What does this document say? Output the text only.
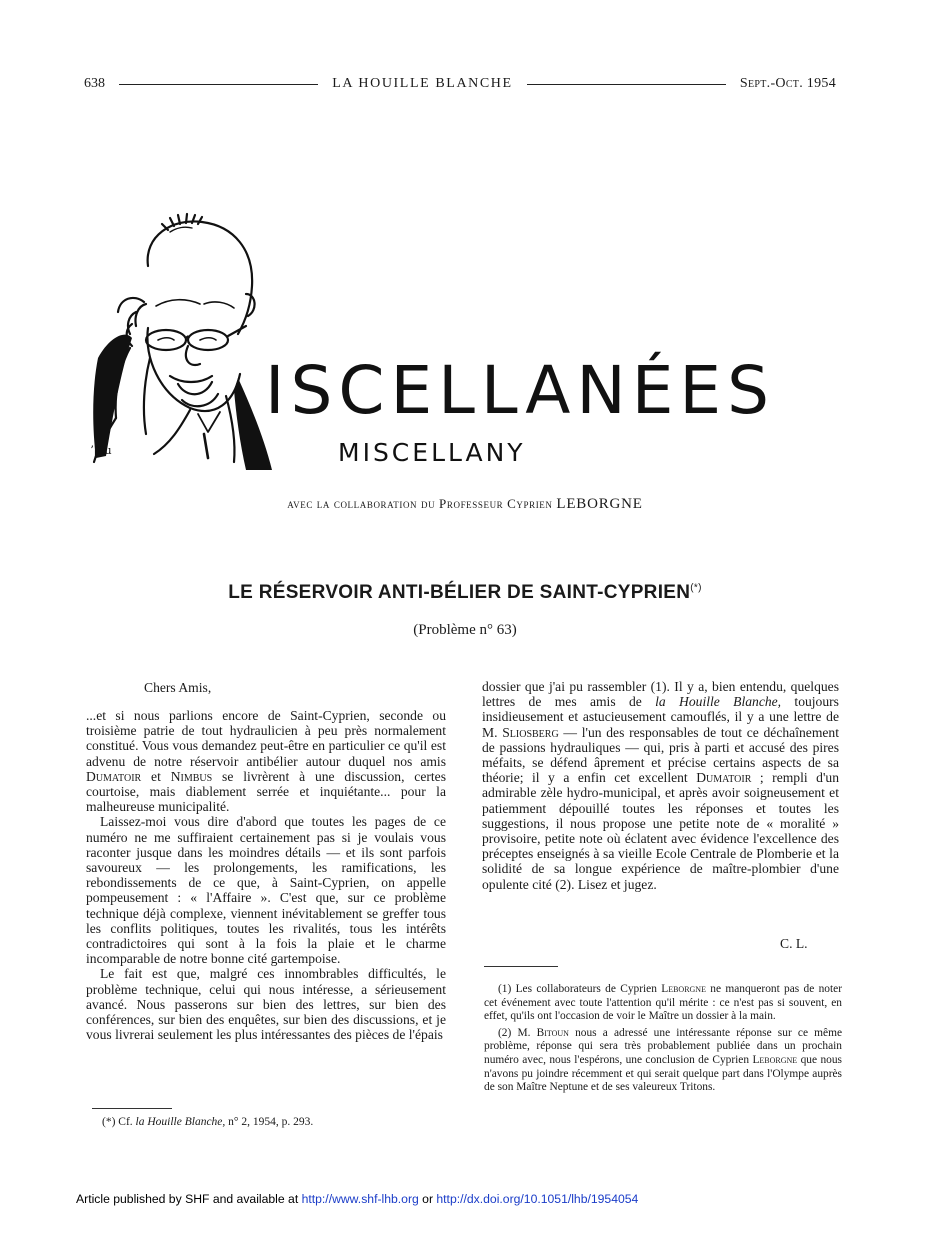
638	LA HOUILLE BLANCHE	Sept.-Oct. 1954
ʼ|Lu
ISCELLANÉES
MISCELLANY
avec la collaboration du Professeur Cyprien LEBORGNE
LE RÉSERVOIR ANTI-BÉLIER DE SAINT-CYPRIEN(*)
(Problème n° 63)
Chers Amis,

...et si nous parlions encore de Saint-Cyprien, seconde ou troisième patrie de tout hydraulicien à peu près normalement constitué. Vous vous demandez peut-être en particulier ce qu'il est advenu de notre réservoir antibélier autour duquel nos amis Dumatoir et Nimbus se livrèrent à une discussion, certes courtoise, mais diablement serrée et inquiétante... pour la malheureuse municipalité.

Laissez-moi vous dire d'abord que toutes les pages de ce numéro ne me suffiraient certainement pas si je voulais vous raconter jusque dans les moindres détails — et ils sont parfois savoureux — les prolongements, les ramifications, les rebondissements de ce que, à Saint-Cyprien, on appelle pompeusement : « l'Affaire ». C'est que, sur ce problème technique déjà complexe, viennent inévitablement se greffer tous les conflits politiques, toutes les rivalités, tous les intérêts contradictoires qui sont à la fois la plaie et le charme incomparable de notre bonne cité gartempoise.

Le fait est que, malgré ces innombrables difficultés, le problème technique, celui qui nous intéresse, a sérieusement avancé. Nous passerons sur bien des lettres, sur bien des conférences, sur bien des enquêtes, sur bien des discussions, et je vous livrerai seulement les plus intéressantes des pièces de l'épais

dossier que j'ai pu rassembler (1). Il y a, bien entendu, quelques lettres de mes amis de la Houille Blanche, toujours insidieusement et astucieusement camouflés, il y a une lettre de M. Sliosberg — l'un des responsables de tout ce déchaînement de passions hydrauliques — qui, pris à parti et accusé des pires méfaits, se défend âprement et précise certains aspects de sa théorie; il y a enfin cet excellent Dumatoir ; rempli d'un admirable zèle hydro-municipal, et après avoir soigneusement et patiemment dépouillé toutes les réponses et toutes les suggestions, il nous propose une petite note de « moralité » provisoire, petite note où éclatent avec évidence l'excellence des préceptes enseignés à sa vieille Ecole Centrale de Plomberie et la solidité de sa longue expérience de maître-plombier d'une opulente cité (2). Lisez et jugez.

C. L.
(*) Cf. la Houille Blanche, n° 2, 1954, p. 293.

(1) Les collaborateurs de Cyprien Leborgne ne manqueront pas de noter cet événement avec toute l'attention qu'il mérite : ce n'est pas si souvent, en effet, qu'ils ont l'occasion de voir le Maître un dossier à la main.

(2) M. Bitoun nous a adressé une intéressante réponse sur ce même problème, réponse qui sera très probablement publiée dans un prochain numéro avec, nous l'espérons, une conclusion de Cyprien Leborgne que nous n'avons pu joindre récemment et qui serait quelque part dans l'Olympe auprès de son Maître Neptune et de ses valeureux Tritons.

Article published by SHF and available at http://www.shf-lhb.org or http://dx.doi.org/10.1051/lhb/1954054
